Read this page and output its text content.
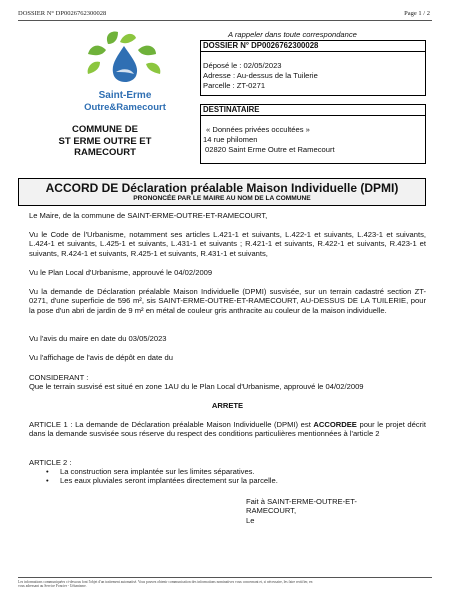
DOSSIER N° DP0026762300028	Page 1 / 2
Saint-Erme
Outre&Ramecourt
COMMUNE DE
ST ERME OUTRE ET
RAMECOURT
A rappeler dans toute correspondance
DOSSIER N° DP0026762300028
Déposé le : 02/05/2023
Adresse : Au-dessus de la Tuilerie
Parcelle : ZT-0271
DESTINATAIRE
« Données privées occultées »
14 rue philomen
02820 Saint Erme Outre et Ramecourt
ACCORD DE Déclaration préalable Maison Individuelle (DPMI)
PRONONCÉE PAR LE MAIRE AU NOM DE LA COMMUNE
Le Maire, de la commune de SAINT-ERME-OUTRE-ET-RAMECOURT,
Vu le Code de l'Urbanisme, notamment ses articles L.421-1 et suivants, L.422-1 et suivants, L.423-1 et suivants, L.424-1 et suivants, L.425-1 et suivants, L.431-1 et suivants ; R.421-1 et suivants, R.422-1 et suivants, R.423-1 et suivants, R.424-1 et suivants, R.425-1 et suivants, R.431-1 et suivants,
Vu le Plan Local d'Urbanisme, approuvé le 04/02/2009
Vu la demande de Déclaration préalable Maison Individuelle (DPMI) susvisée, sur un terrain cadastré section ZT-0271, d'une superficie de 596 m², sis SAINT-ERME-OUTRE-ET-RAMECOURT, AU-DESSUS DE LA TUILERIE, pour la pose d'un abri de jardin de 9 m² en métal de couleur gris anthracite au couleur de la maison individuelle.
Vu l'avis du maire en date du 03/05/2023
Vu l'affichage de l'avis de dépôt en date du
CONSIDERANT :
Que le terrain susvisé est situé en zone 1AU du le Plan Local d'Urbanisme, approuvé le 04/02/2009
ARRETE
ARTICLE 1 : La demande de Déclaration préalable Maison Individuelle (DPMI) est ACCORDEE pour le projet décrit dans la demande susvisée sous réserve du respect des conditions particulières mentionnées à l'article 2
ARTICLE 2 :
• La construction sera implantée sur les limites séparatives.
• Les eaux pluviales seront implantées directement sur la parcelle.
Fait à SAINT-ERME-OUTRE-ET-
RAMECOURT,
Le
Les informations communiquées ci-dessous font l'objet d'un traitement automatisé. Vous pouvez obtenir communication des informations nominatives vous concernant et, si nécessaire, les faire rectifier, en
vous adressant au Service Foncier - Urbanisme.
